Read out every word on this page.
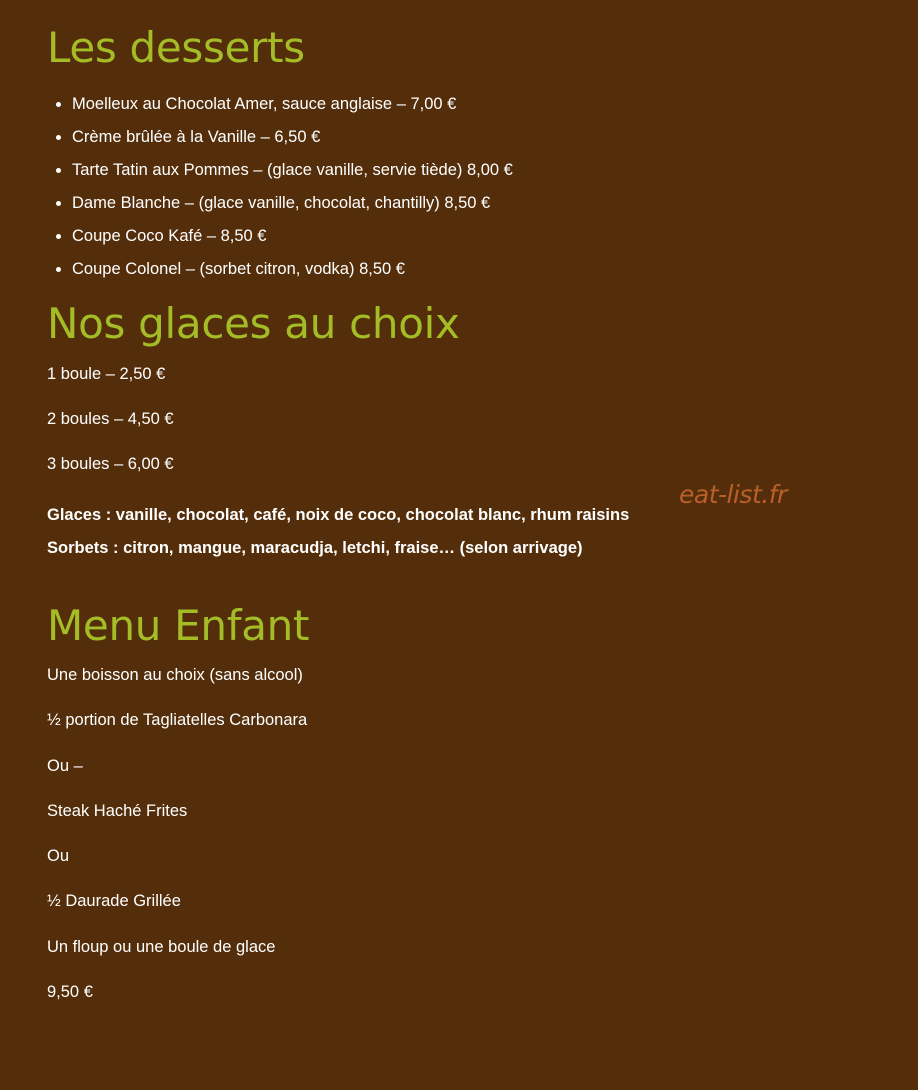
Les desserts
• Moelleux au Chocolat Amer, sauce anglaise – 7,00 €
• Crème brûlée à la Vanille – 6,50 €
• Tarte Tatin aux Pommes – (glace vanille, servie tiède) 8,00 €
• Dame Blanche – (glace vanille, chocolat, chantilly) 8,50 €
• Coupe Coco Kafé – 8,50 €
• Coupe Colonel – (sorbet citron, vodka) 8,50 €
Nos glaces au choix

1 boule – 2,50 €

2 boules – 4,50 €

3 boules – 6,00 €

Glaces : vanille, chocolat, café, noix de coco, chocolat blanc, rhum raisins

Sorbets : citron, mangue, maracudja, letchi, fraise… (selon arrivage)

Menu Enfant

Une boisson au choix (sans alcool)

½ portion de Tagliatelles Carbonara

Ou –

Steak Haché Frites

Ou

½ Daurade Grillée

Un floup ou une boule de glace

9,50 €

eat-list.fr
